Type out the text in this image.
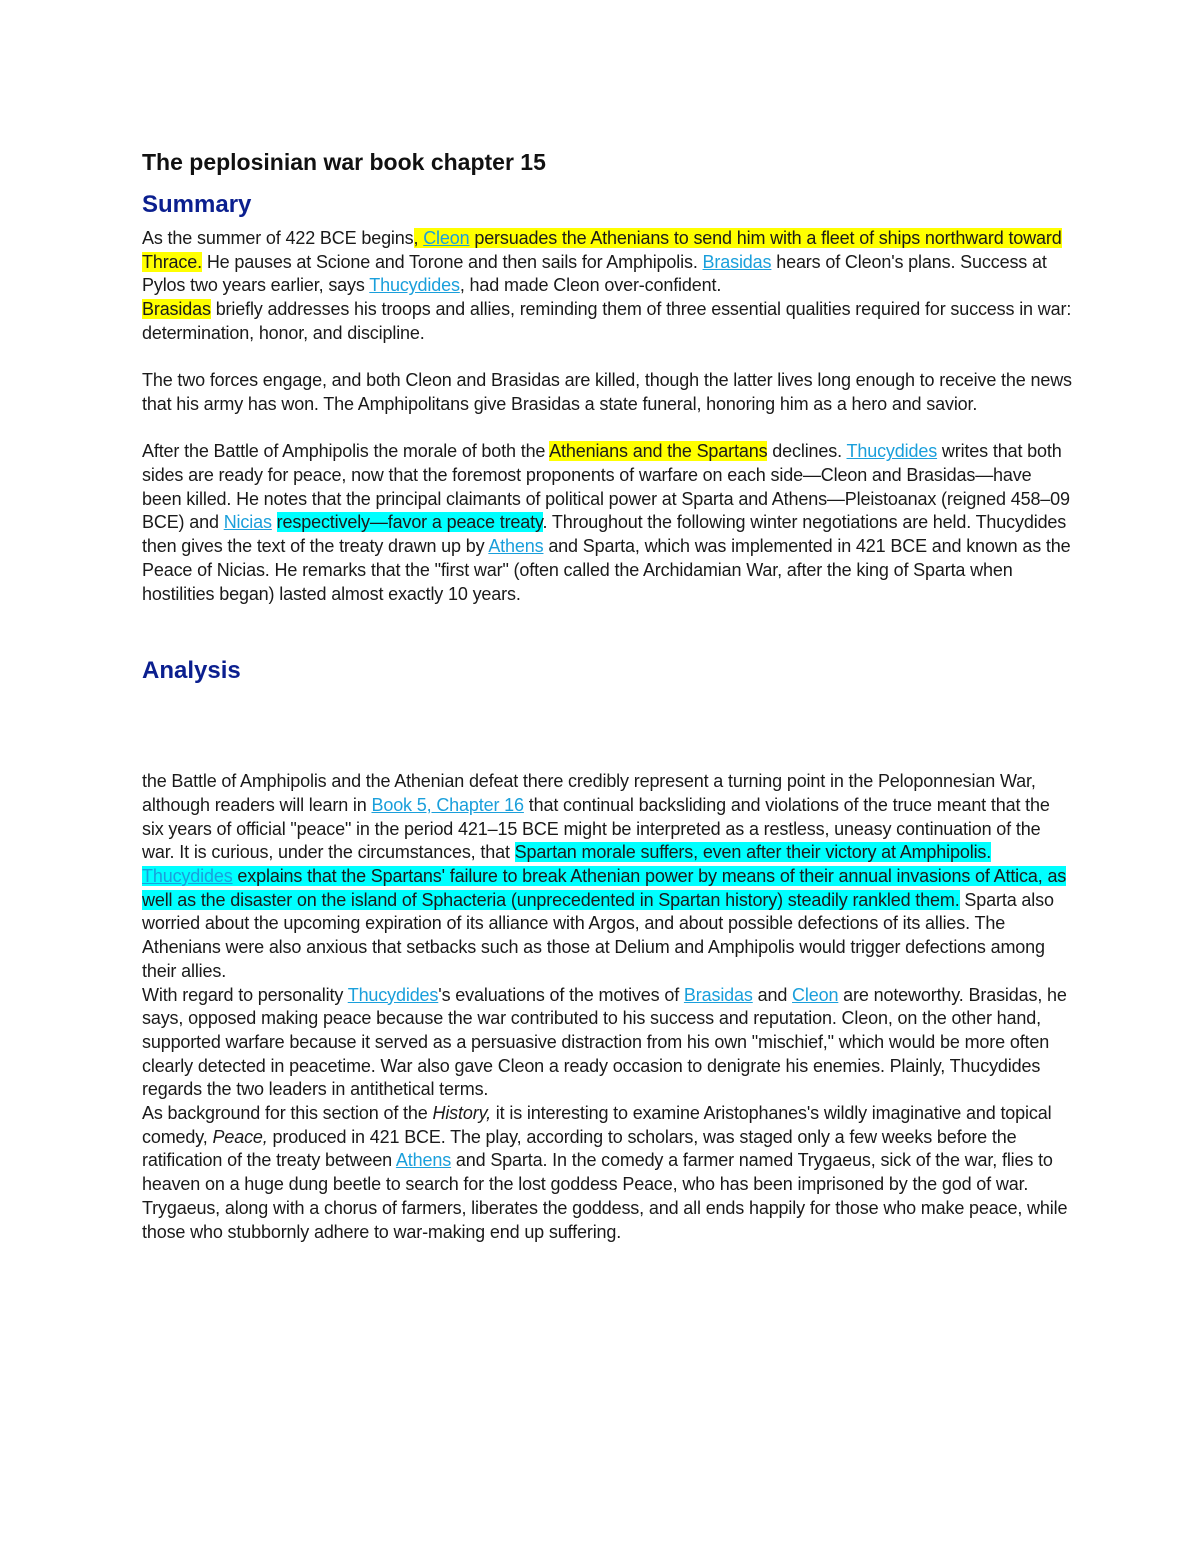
The peplosinian war book chapter 15
Summary

As the summer of 422 BCE begins, Cleon persuades the Athenians to send him with a fleet of ships northward toward Thrace. He pauses at Scione and Torone and then sails for Amphipolis. Brasidas hears of Cleon's plans. Success at Pylos two years earlier, says Thucydides, had made Cleon over-confident.

Brasidas briefly addresses his troops and allies, reminding them of three essential qualities required for success in war: determination, honor, and discipline.

The two forces engage, and both Cleon and Brasidas are killed, though the latter lives long enough to receive the news that his army has won. The Amphipolitans give Brasidas a state funeral, honoring him as a hero and savior.

After the Battle of Amphipolis the morale of both the Athenians and the Spartans declines. Thucydides writes that both sides are ready for peace, now that the foremost proponents of warfare on each side—Cleon and Brasidas—have been killed. He notes that the principal claimants of political power at Sparta and Athens—Pleistoanax (reigned 458–09 BCE) and Nicias respectively—favor a peace treaty. Throughout the following winter negotiations are held. Thucydides then gives the text of the treaty drawn up by Athens and Sparta, which was implemented in 421 BCE and known as the Peace of Nicias. He remarks that the "first war" (often called the Archidamian War, after the king of Sparta when hostilities began) lasted almost exactly 10 years.

Analysis

the Battle of Amphipolis and the Athenian defeat there credibly represent a turning point in the Peloponnesian War, although readers will learn in Book 5, Chapter 16 that continual backsliding and violations of the truce meant that the six years of official "peace" in the period 421–15 BCE might be interpreted as a restless, uneasy continuation of the war. It is curious, under the circumstances, that Spartan morale suffers, even after their victory at Amphipolis. Thucydides explains that the Spartans' failure to break Athenian power by means of their annual invasions of Attica, as well as the disaster on the island of Sphacteria (unprecedented in Spartan history) steadily rankled them. Sparta also worried about the upcoming expiration of its alliance with Argos, and about possible defections of its allies. The Athenians were also anxious that setbacks such as those at Delium and Amphipolis would trigger defections among their allies.

With regard to personality Thucydides's evaluations of the motives of Brasidas and Cleon are noteworthy. Brasidas, he says, opposed making peace because the war contributed to his success and reputation. Cleon, on the other hand, supported warfare because it served as a persuasive distraction from his own "mischief," which would be more often clearly detected in peacetime. War also gave Cleon a ready occasion to denigrate his enemies. Plainly, Thucydides regards the two leaders in antithetical terms.

As background for this section of the History, it is interesting to examine Aristophanes's wildly imaginative and topical comedy, Peace, produced in 421 BCE. The play, according to scholars, was staged only a few weeks before the ratification of the treaty between Athens and Sparta. In the comedy a farmer named Trygaeus, sick of the war, flies to heaven on a huge dung beetle to search for the lost goddess Peace, who has been imprisoned by the god of war. Trygaeus, along with a chorus of farmers, liberates the goddess, and all ends happily for those who make peace, while those who stubbornly adhere to war-making end up suffering.
